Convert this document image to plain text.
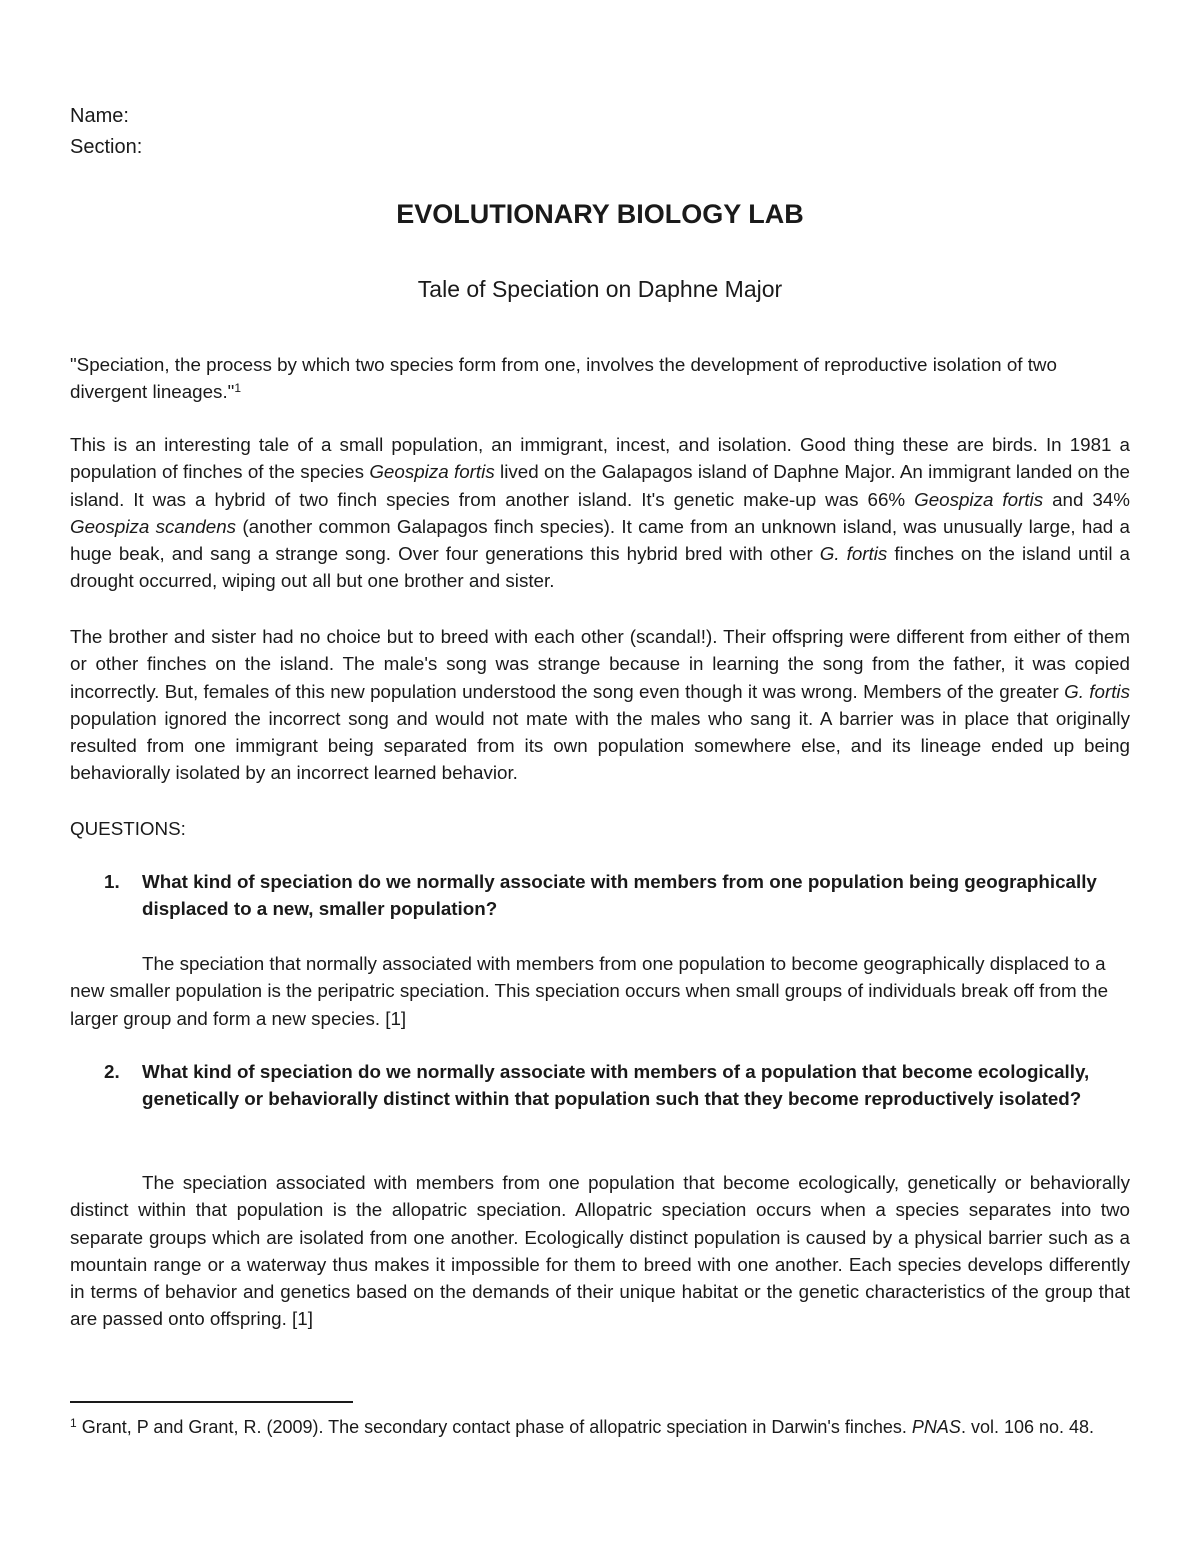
Name:

Section:

EVOLUTIONARY BIOLOGY LAB
Tale of Speciation on Daphne Major

"Speciation, the process by which two species form from one, involves the development of reproductive isolation of two divergent lineages."$^1$

This is an interesting tale of a small population, an immigrant, incest, and isolation. Good thing these are birds. In 1981 a population of finches of the species Geospiza fortis lived on the Galapagos island of Daphne Major. An immigrant landed on the island. It was a hybrid of two finch species from another island. It's genetic make-up was 66% Geospiza fortis and 34% Geospiza scandens (another common Galapagos finch species). It came from an unknown island, was unusually large, had a huge beak, and sang a strange song. Over four generations this hybrid bred with other G. fortis finches on the island until a drought occurred, wiping out all but one brother and sister.

The brother and sister had no choice but to breed with each other (scandal!). Their offspring were different from either of them or other finches on the island. The male's song was strange because in learning the song from the father, it was copied incorrectly. But, females of this new population understood the song even though it was wrong. Members of the greater G. fortis population ignored the incorrect song and would not mate with the males who sang it. A barrier was in place that originally resulted from one immigrant being separated from its own population somewhere else, and its lineage ended up being behaviorally isolated by an incorrect learned behavior.

QUESTIONS:

1. What kind of speciation do we normally associate with members from one population being geographically displaced to a new, smaller population?

The speciation that normally associated with members from one population to become geographically displaced to a new smaller population is the peripatric speciation. This speciation occurs when small groups of individuals break off from the larger group and form a new species. [1]

2. What kind of speciation do we normally associate with members of a population that become ecologically, genetically or behaviorally distinct within that population such that they become reproductively isolated?

The speciation associated with members from one population that become ecologically, genetically or behaviorally distinct within that population is the allopatric speciation. Allopatric speciation occurs when a species separates into two separate groups which are isolated from one another. Ecologically distinct population is caused by a physical barrier such as a mountain range or a waterway thus makes it impossible for them to breed with one another. Each species develops differently in terms of behavior and genetics based on the demands of their unique habitat or the genetic characteristics of the group that are passed onto offspring. [1]

$^1$ Grant, P and Grant, R. (2009). The secondary contact phase of allopatric speciation in Darwin's finches. PNAS. vol. 106 no. 48.
